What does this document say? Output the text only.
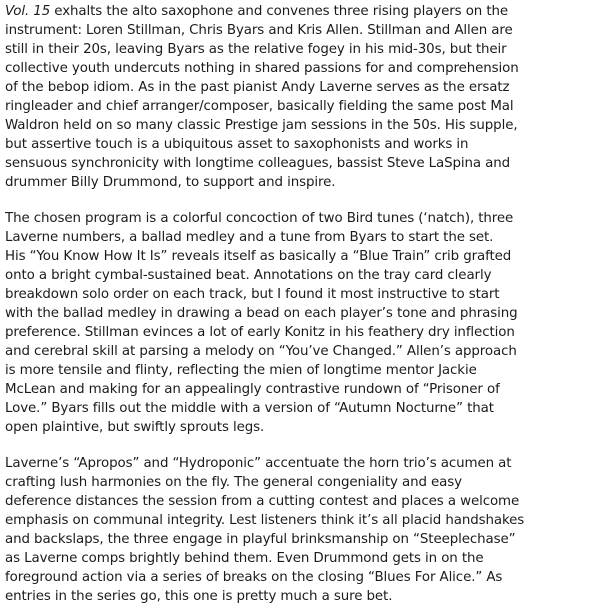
Vol. 15 exhalts the alto saxophone and convenes three rising players on the
instrument: Loren Stillman, Chris Byars and Kris Allen. Stillman and Allen are
still in their 20s, leaving Byars as the relative fogey in his mid-30s, but their
collective youth undercuts nothing in shared passions for and comprehension
of the bebop idiom. As in the past pianist Andy Laverne serves as the ersatz
ringleader and chief arranger/composer, basically fielding the same post Mal
Waldron held on so many classic Prestige jam sessions in the 50s. His supple,
but assertive touch is a ubiquitous asset to saxophonists and works in
sensuous synchronicity with longtime colleagues, bassist Steve LaSpina and
drummer Billy Drummond, to support and inspire.

The chosen program is a colorful concoction of two Bird tunes (‘natch), three
Laverne numbers, a ballad medley and a tune from Byars to start the set.
His “You Know How It Is” reveals itself as basically a “Blue Train” crib grafted
onto a bright cymbal-sustained beat. Annotations on the tray card clearly
breakdown solo order on each track, but I found it most instructive to start
with the ballad medley in drawing a bead on each player’s tone and phrasing
preference. Stillman evinces a lot of early Konitz in his feathery dry inflection
and cerebral skill at parsing a melody on “You’ve Changed.” Allen’s approach
is more tensile and flinty, reflecting the mien of longtime mentor Jackie
McLean and making for an appealingly contrastive rundown of “Prisoner of
Love.” Byars fills out the middle with a version of “Autumn Nocturne” that
open plaintive, but swiftly sprouts legs.

Laverne’s “Apropos” and “Hydroponic” accentuate the horn trio’s acumen at
crafting lush harmonies on the fly. The general congeniality and easy
deference distances the session from a cutting contest and places a welcome
emphasis on communal integrity. Lest listeners think it’s all placid handshakes
and backslaps, the three engage in playful brinksmanship on “Steeplechase”
as Laverne comps brightly behind them. Even Drummond gets in on the
foreground action via a series of breaks on the closing “Blues For Alice.” As
entries in the series go, this one is pretty much a sure bet.
